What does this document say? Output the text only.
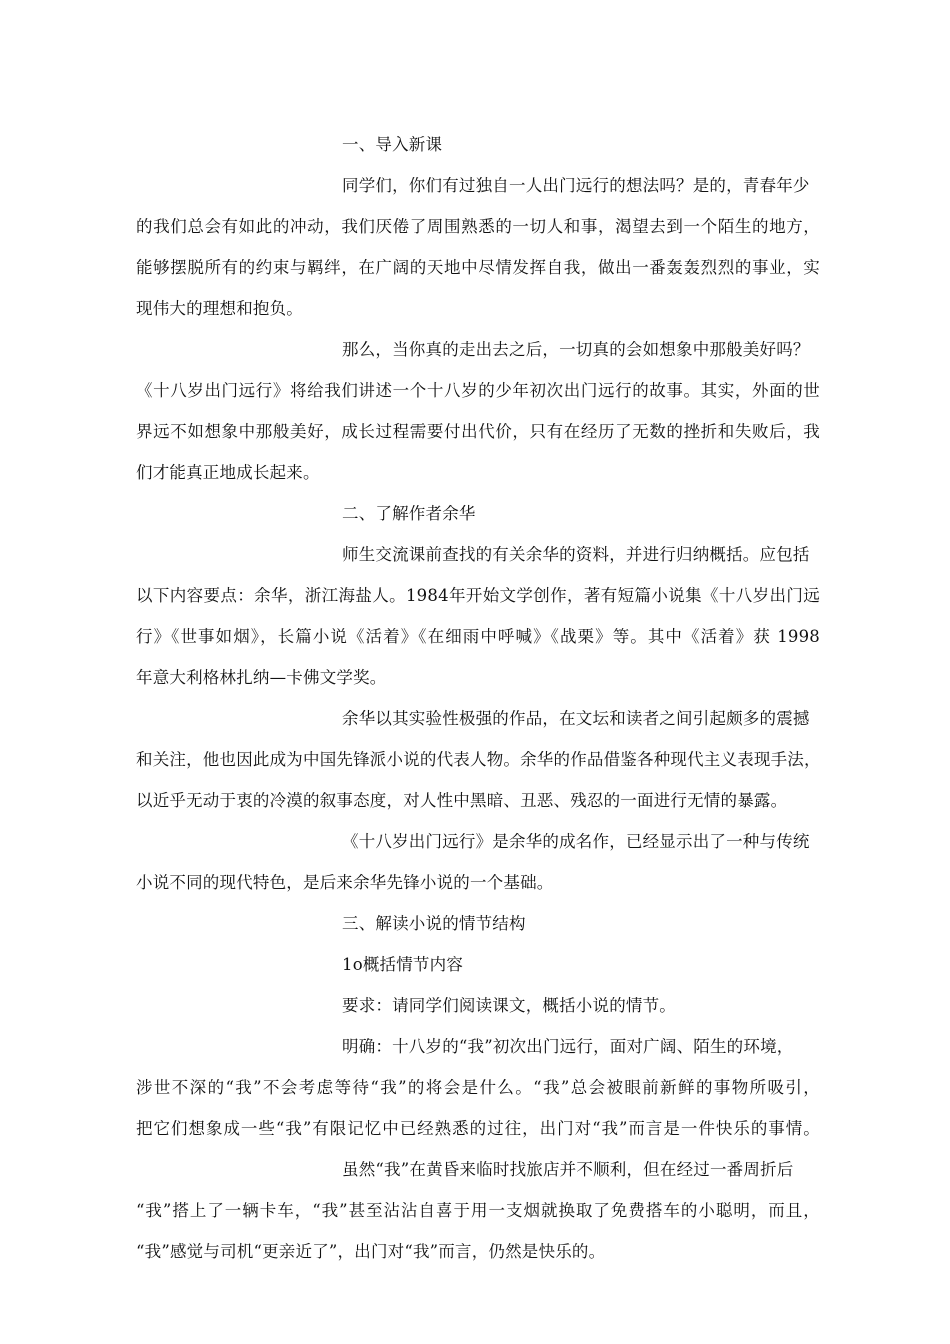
一、导入新课
同学们，你们有过独自一人出门远行的想法吗？是的，青春年少
的我们总会有如此的冲动，我们厌倦了周围熟悉的一切人和事，渴望去到一个陌生的地方，
能够摆脱所有的约束与羁绊，在广阔的天地中尽情发挥自我，做出一番轰轰烈烈的事业，实
现伟大的理想和抱负。
那么，当你真的走出去之后，一切真的会如想象中那般美好吗？
《十八岁出门远行》将给我们讲述一个十八岁的少年初次出门远行的故事。其实，外面的世
界远不如想象中那般美好，成长过程需要付出代价，只有在经历了无数的挫折和失败后，我
们才能真正地成长起来。
二、了解作者余华
师生交流课前查找的有关余华的资料，并进行归纳概括。应包括
以下内容要点：余华，浙江海盐人。1984年开始文学创作，著有短篇小说集《十八岁出门远
行》《世事如烟》，长篇小说《活着》《在细雨中呼喊》《战栗》等。其中《活着》获 1998
年意大利格林扎纳—卡佛文学奖。
余华以其实验性极强的作品，在文坛和读者之间引起颇多的震撼
和关注，他也因此成为中国先锋派小说的代表人物。余华的作品借鉴各种现代主义表现手法，
以近乎无动于衷的冷漠的叙事态度，对人性中黑暗、丑恶、残忍的一面进行无情的暴露。
《十八岁出门远行》是余华的成名作，已经显示出了一种与传统
小说不同的现代特色，是后来余华先锋小说的一个基础。
三、解读小说的情节结构
1o概括情节内容
要求：请同学们阅读课文，概括小说的情节。
明确：十八岁的“我”初次出门远行，面对广阔、陌生的环境，
涉世不深的“我”不会考虑等待“我”的将会是什么。“我”总会被眼前新鲜的事物所吸引，
把它们想象成一些“我”有限记忆中已经熟悉的过往，出门对“我”而言是一件快乐的事情。
虽然“我”在黄昏来临时找旅店并不顺利，但在经过一番周折后
“我”搭上了一辆卡车，“我”甚至沾沾自喜于用一支烟就换取了免费搭车的小聪明，而且，
“我”感觉与司机“更亲近了”，出门对“我”而言，仍然是快乐的。
